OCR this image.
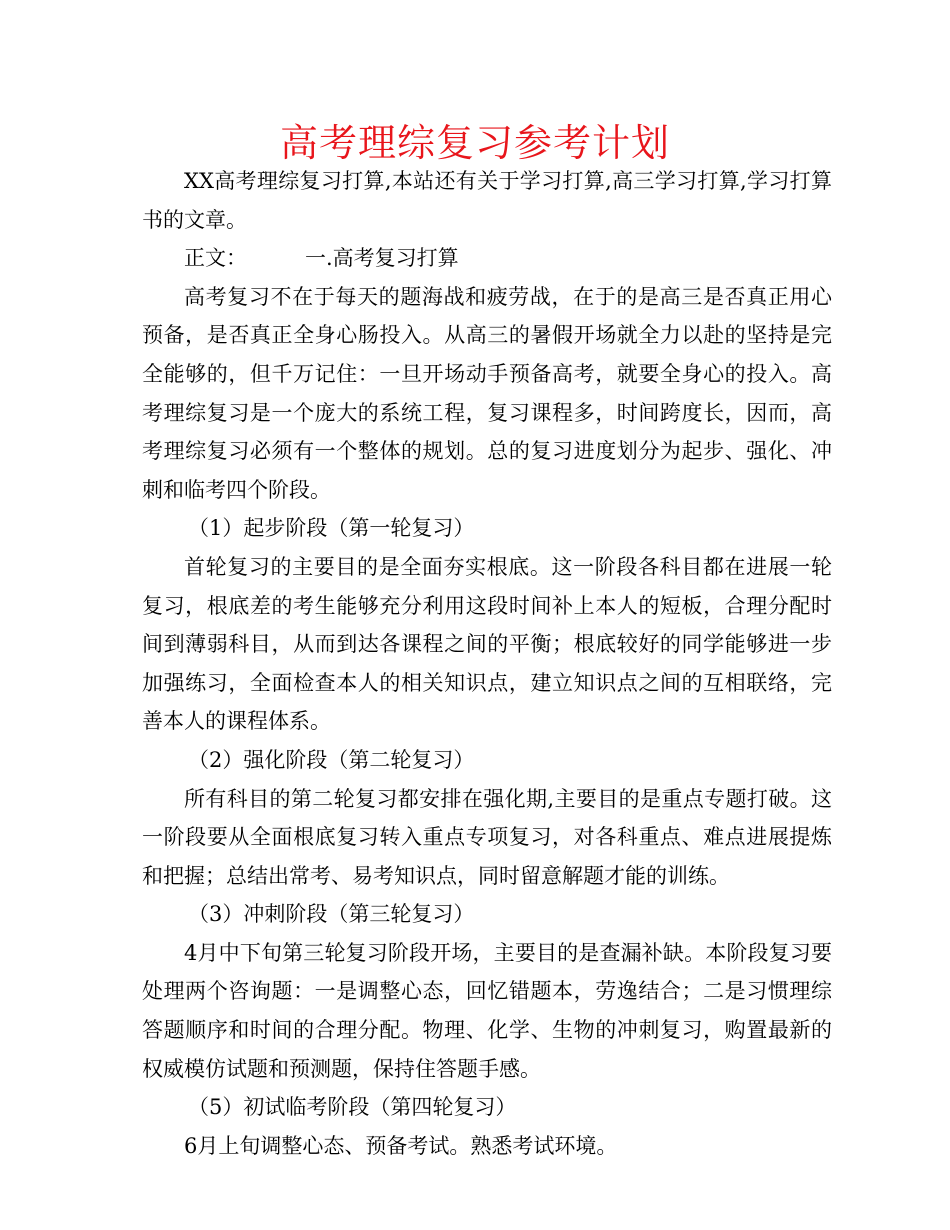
高考理综复习参考计划

XX高考理综复习打算,本站还有关于学习打算,高三学习打算,学习打算书的文章。

正文：	一.高考复习打算

高考复习不在于每天的题海战和疲劳战，在于的是高三是否真正用心预备，是否真正全身心肠投入。从高三的暑假开场就全力以赴的坚持是完全能够的，但千万记住：一旦开场动手预备高考，就要全身心的投入。高考理综复习是一个庞大的系统工程，复习课程多，时间跨度长，因而，高考理综复习必须有一个整体的规划。总的复习进度划分为起步、强化、冲刺和临考四个阶段。

（1）起步阶段（第一轮复习）

首轮复习的主要目的是全面夯实根底。这一阶段各科目都在进展一轮复习，根底差的考生能够充分利用这段时间补上本人的短板，合理分配时间到薄弱科目，从而到达各课程之间的平衡；根底较好的同学能够进一步加强练习，全面检查本人的相关知识点，建立知识点之间的互相联络，完善本人的课程体系。

（2）强化阶段（第二轮复习）

所有科目的第二轮复习都安排在强化期,主要目的是重点专题打破。这一阶段要从全面根底复习转入重点专项复习，对各科重点、难点进展提炼和把握；总结出常考、易考知识点，同时留意解题才能的训练。

（3）冲刺阶段（第三轮复习）

4月中下旬第三轮复习阶段开场，主要目的是查漏补缺。本阶段复习要处理两个咨询题：一是调整心态，回忆错题本，劳逸结合；二是习惯理综答题顺序和时间的合理分配。物理、化学、生物的冲刺复习，购置最新的权威模仿试题和预测题，保持住答题手感。

（5）初试临考阶段（第四轮复习）

6月上旬调整心态、预备考试。熟悉考试环境。
